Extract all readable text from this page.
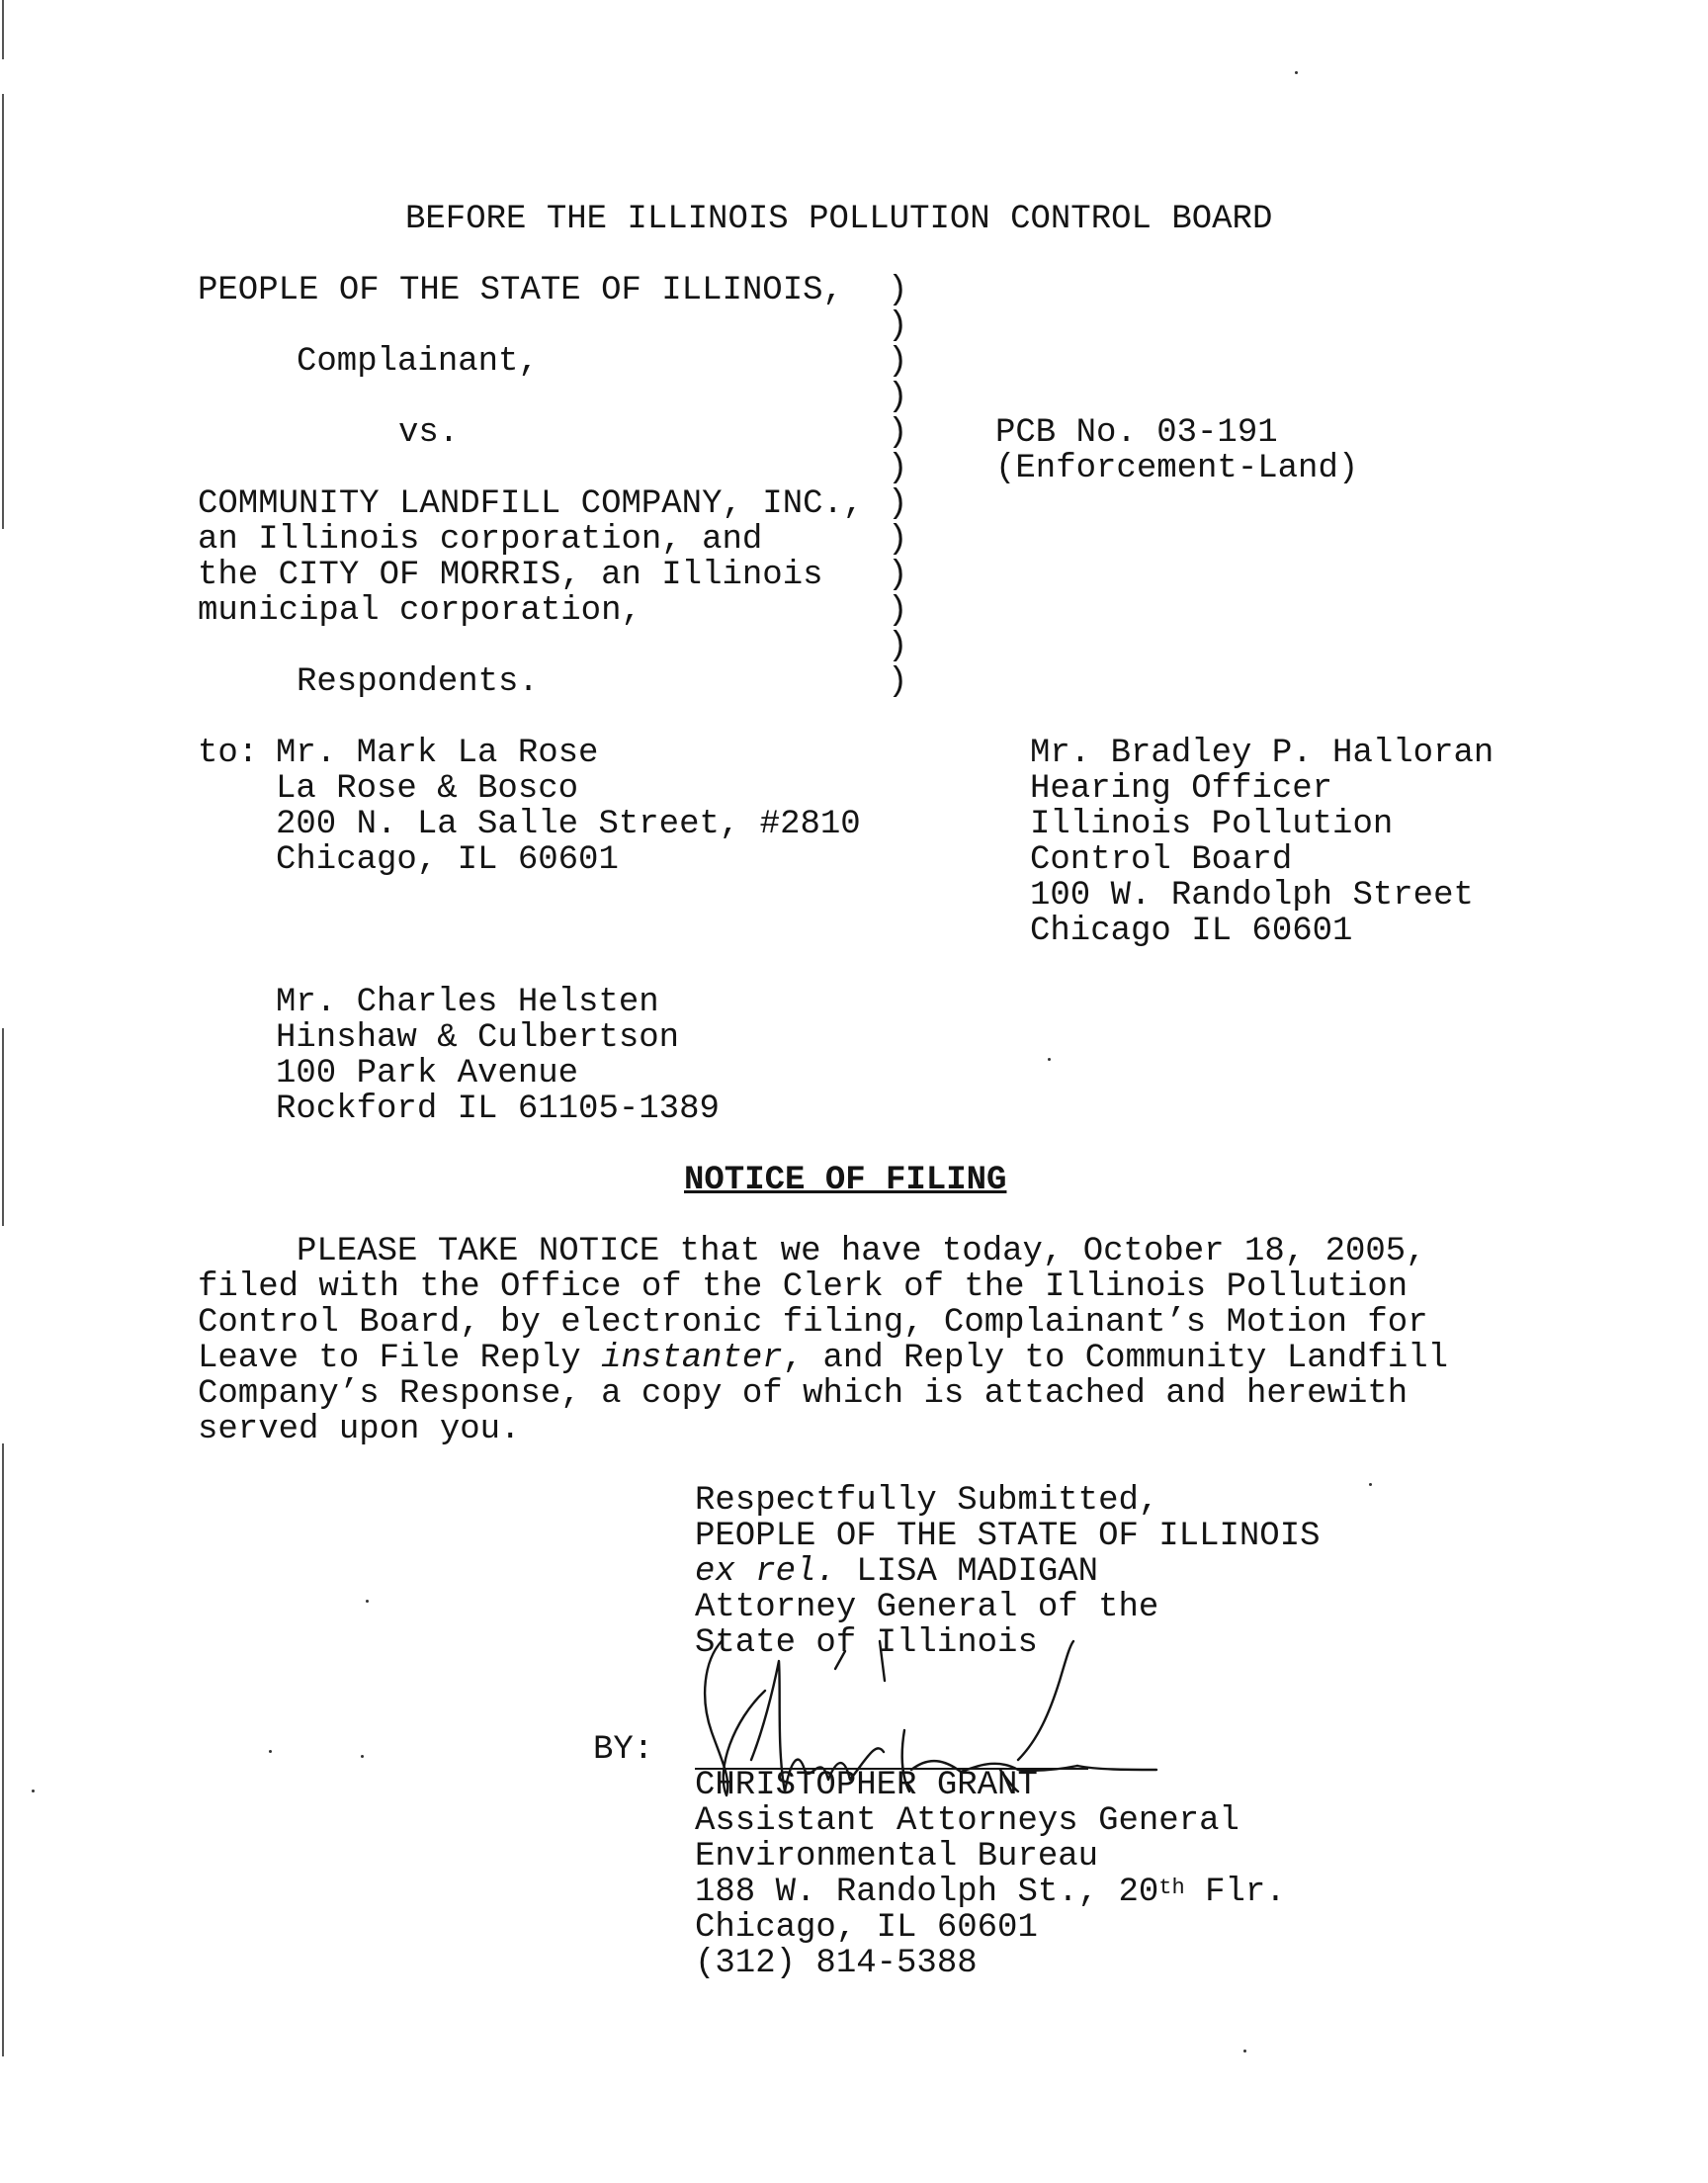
BEFORE THE ILLINOIS POLLUTION CONTROL BOARD
PEOPLE OF THE STATE OF ILLINOIS,
Complainant,
vs.
COMMUNITY LANDFILL COMPANY, INC.,
an Illinois corporation, and
the CITY OF MORRIS, an Illinois
municipal corporation,
Respondents.
)
)
)
)
)
)
)
)
)
)
)
)
PCB No. 03-191
(Enforcement-Land)
to: Mr. Mark La Rose
La Rose & Bosco
200 N. La Salle Street, #2810
Chicago, IL 60601
Mr. Bradley P. Halloran
Hearing Officer
Illinois Pollution
Control Board
100 W. Randolph Street
Chicago IL 60601
Mr. Charles Helsten
Hinshaw & Culbertson
100 Park Avenue
Rockford IL 61105-1389
NOTICE OF FILING
PLEASE TAKE NOTICE that we have today, October 18, 2005,
filed with the Office of the Clerk of the Illinois Pollution
Control Board, by electronic filing, Complainant’s Motion for
Leave to File Reply instanter, and Reply to Community Landfill
Company’s Response, a copy of which is attached and herewith
served upon you.
Respectfully Submitted,
PEOPLE OF THE STATE OF ILLINOIS
ex rel. LISA MADIGAN
Attorney General of the
State of Illinois
BY:
CHRISTOPHER GRANT
Assistant Attorneys General
Environmental Bureau
188 W. Randolph St., 20th Flr.
Chicago, IL 60601
(312) 814-5388
